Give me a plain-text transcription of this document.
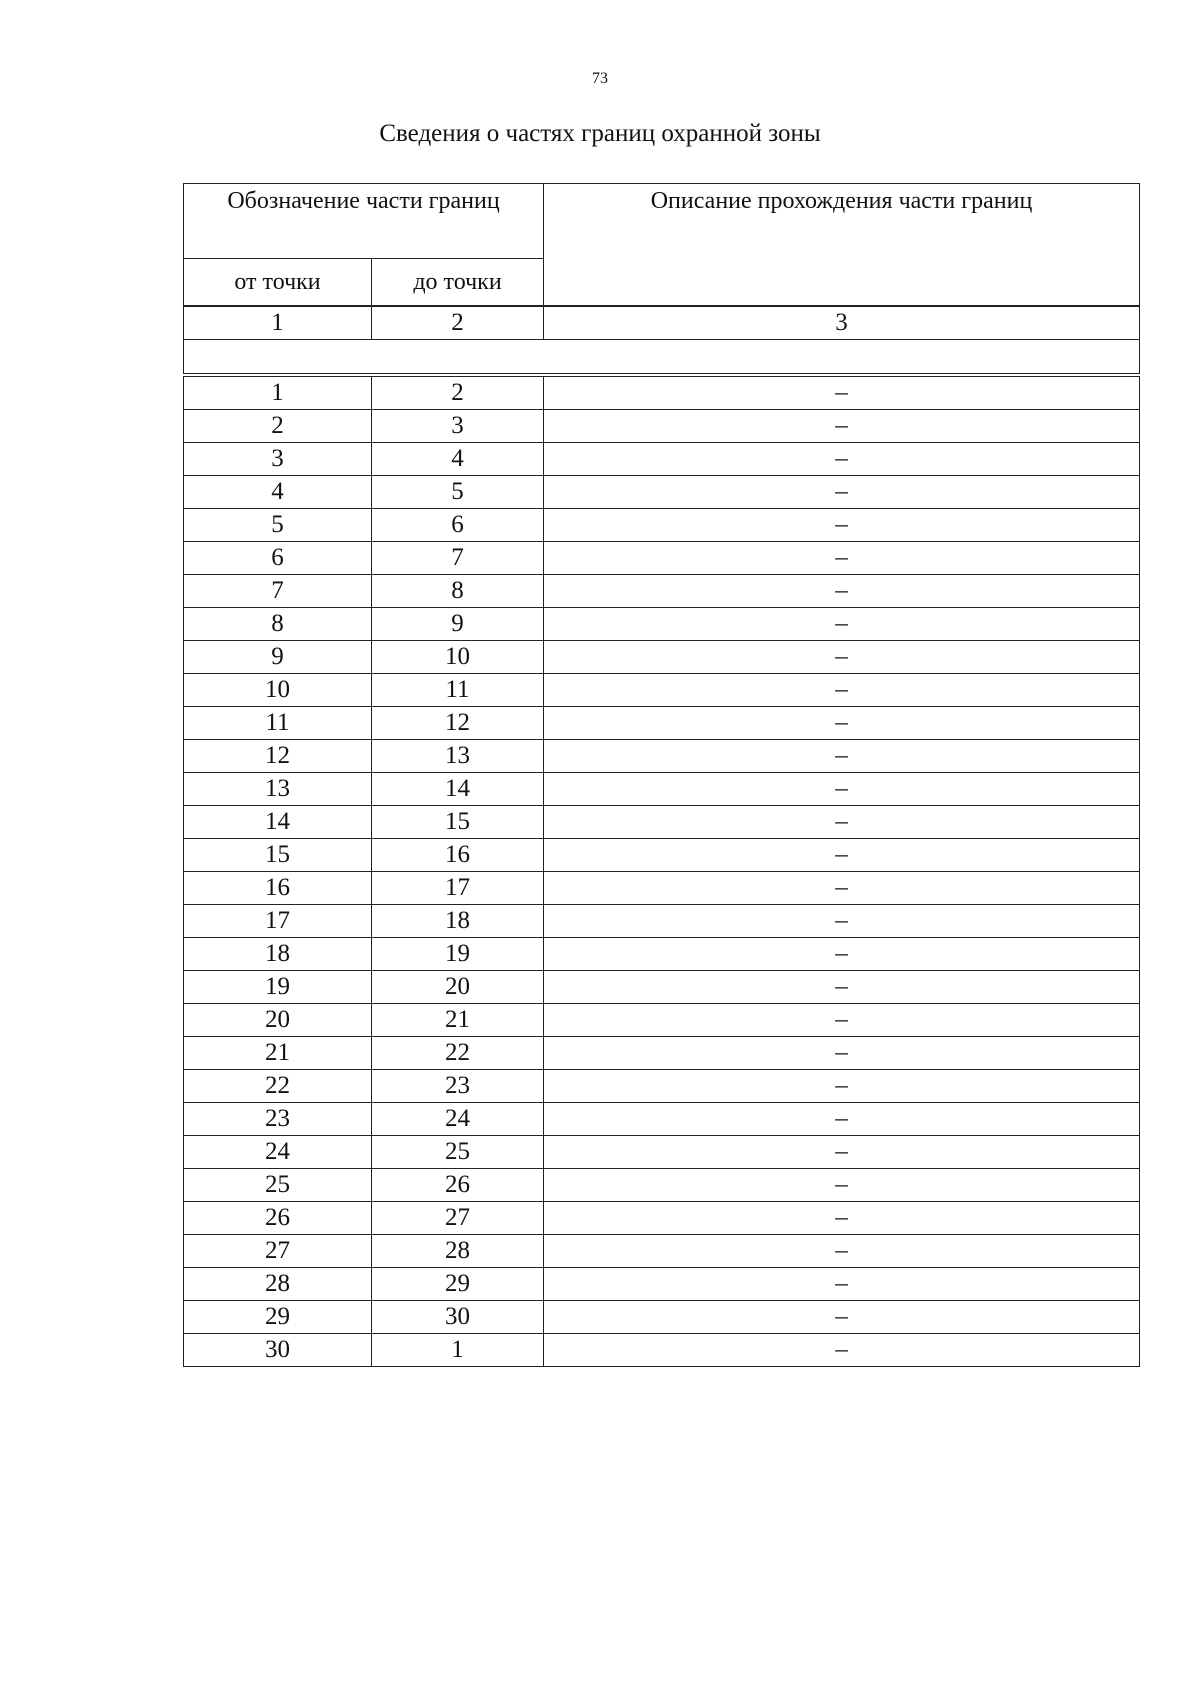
73
Сведения о частях границ охранной зоны
Обозначение части границ		Описание прохождения части границ
от точки	до точки	
1	2	3

1	2	–
2	3	–
3	4	–
4	5	–
5	6	–
6	7	–
7	8	–
8	9	–
9	10	–
10	11	–
11	12	–
12	13	–
13	14	–
14	15	–
15	16	–
16	17	–
17	18	–
18	19	–
19	20	–
20	21	–
21	22	–
22	23	–
23	24	–
24	25	–
25	26	–
26	27	–
27	28	–
28	29	–
29	30	–
30	1	–
